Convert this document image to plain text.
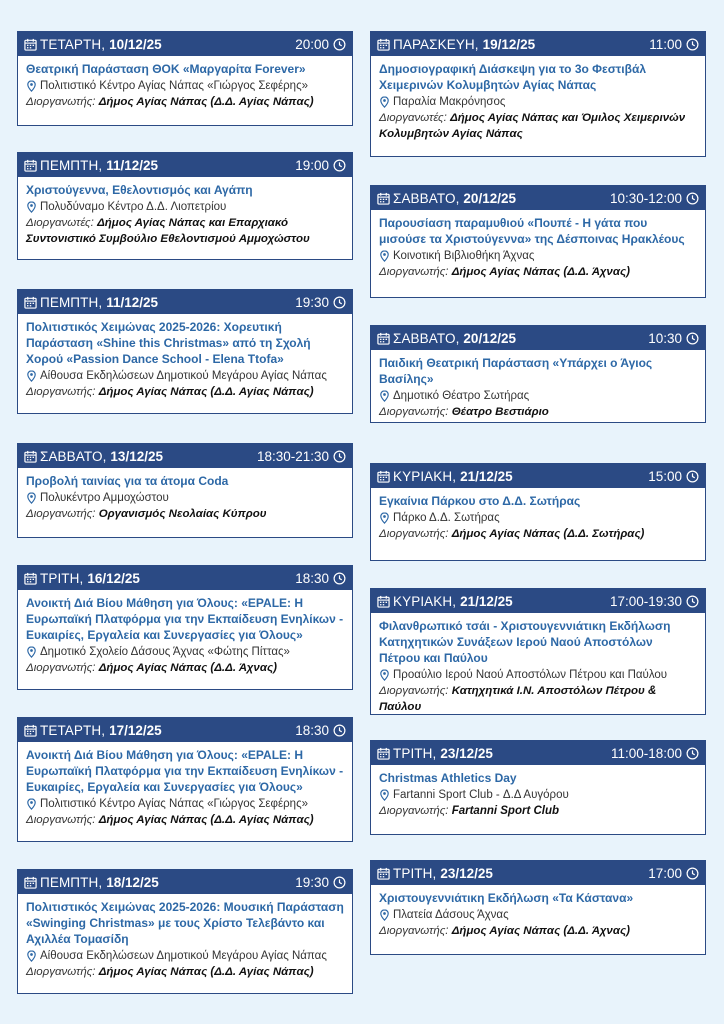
ΤΕΤΑΡΤΗ, 10/12/25	20:00
Θεατρική Παράσταση ΘΟΚ «Μαργαρίτα Forever»
Πολιτιστικό Κέντρο Αγίας Νάπας «Γιώργος Σεφέρης»
Διοργανωτής: Δήμος Αγίας Νάπας (Δ.Δ. Αγίας Νάπας)
ΠΕΜΠΤΗ, 11/12/25	19:00
Χριστούγεννα, Εθελοντισμός και Αγάπη
Πολυδύναμο Κέντρο Δ.Δ. Λιοπετρίου
Διοργανωτές: Δήμος Αγίας Νάπας και Επαρχιακό Συντονιστικό Συμβούλιο Εθελοντισμού Αμμοχώστου
ΠΕΜΠΤΗ, 11/12/25	19:30
Πολιτιστικός Χειμώνας 2025-2026: Χορευτική Παράσταση «Shine this Christmas» από τη Σχολή Χορού «Passion Dance School - Elena Ttofa»
Αίθουσα Εκδηλώσεων Δημοτικού Μεγάρου Αγίας Νάπας
Διοργανωτής: Δήμος Αγίας Νάπας (Δ.Δ. Αγίας Νάπας)
ΣΑΒΒΑΤΟ, 13/12/25	18:30-21:30
Προβολή ταινίας για τα άτομα Coda
Πολυκέντρο Αμμοχώστου
Διοργανωτής: Οργανισμός Νεολαίας Κύπρου
ΤΡΙΤΗ, 16/12/25	18:30
Ανοικτή Διά Βίου Μάθηση για Όλους: «EPALE: Η Ευρωπαϊκή Πλατφόρμα για την Εκπαίδευση Ενηλίκων - Ευκαιρίες, Εργαλεία και Συνεργασίες για Όλους»
Δημοτικό Σχολείο Δάσους Άχνας «Φώτης Πίττας»
Διοργανωτής: Δήμος Αγίας Νάπας (Δ.Δ. Άχνας)
ΤΕΤΑΡΤΗ, 17/12/25	18:30
Ανοικτή Διά Βίου Μάθηση για Όλους: «EPALE: Η Ευρωπαϊκή Πλατφόρμα για την Εκπαίδευση Ενηλίκων - Ευκαιρίες, Εργαλεία και Συνεργασίες για Όλους»
Πολιτιστικό Κέντρο Αγίας Νάπας «Γιώργος Σεφέρης»
Διοργανωτής: Δήμος Αγίας Νάπας (Δ.Δ. Αγίας Νάπας)
ΠΕΜΠΤΗ, 18/12/25	19:30
Πολιτιστικός Χειμώνας 2025-2026: Μουσική Παράσταση «Swinging Christmas» με τους Χρίστο Τελεβάντο και Αχιλλέα Τομασίδη
Αίθουσα Εκδηλώσεων Δημοτικού Μεγάρου Αγίας Νάπας
Διοργανωτής: Δήμος Αγίας Νάπας (Δ.Δ. Αγίας Νάπας)
ΠΑΡΑΣΚΕΥΗ, 19/12/25	11:00
Δημοσιογραφική Διάσκεψη για το 3ο Φεστιβάλ Χειμερινών Κολυμβητών Αγίας Νάπας
Παραλία Μακρόνησος
Διοργανωτές: Δήμος Αγίας Νάπας και Όμιλος Χειμερινών Κολυμβητών Αγίας Νάπας
ΣΑΒΒΑΤΟ, 20/12/25	10:30-12:00
Παρουσίαση παραμυθιού «Πουπέ - Η γάτα που μισούσε τα Χριστούγεννα» της Δέσποινας Ηρακλέους
Κοινοτική Βιβλιοθήκη Άχνας
Διοργανωτής: Δήμος Αγίας Νάπας (Δ.Δ. Άχνας)
ΣΑΒΒΑΤΟ, 20/12/25	10:30
Παιδική Θεατρική Παράσταση «Υπάρχει ο Άγιος Βασίλης»
Δημοτικό Θέατρο Σωτήρας
Διοργανωτής: Θέατρο Βεστιάριο
ΚΥΡΙΑΚΗ, 21/12/25	15:00
Εγκαίνια Πάρκου στο Δ.Δ. Σωτήρας
Πάρκο Δ.Δ. Σωτήρας
Διοργανωτής: Δήμος Αγίας Νάπας (Δ.Δ. Σωτήρας)
ΚΥΡΙΑΚΗ, 21/12/25	17:00-19:30
Φιλανθρωπικό τσάι - Χριστουγεννιάτικη Εκδήλωση Κατηχητικών Συνάξεων Ιερού Ναού Αποστόλων Πέτρου και Παύλου
Προαύλιο Ιερού Ναού Αποστόλων Πέτρου και Παύλου
Διοργανωτής: Κατηχητικά Ι.Ν. Αποστόλων Πέτρου & Παύλου
ΤΡΙΤΗ, 23/12/25	11:00-18:00
Christmas Athletics Day
Fartanni Sport Club - Δ.Δ Αυγόρου
Διοργανωτής: Fartanni Sport Club
ΤΡΙΤΗ, 23/12/25	17:00
Χριστουγεννιάτικη Εκδήλωση «Τα Κάστανα»
Πλατεία Δάσους Άχνας
Διοργανωτής: Δήμος Αγίας Νάπας (Δ.Δ. Άχνας)
